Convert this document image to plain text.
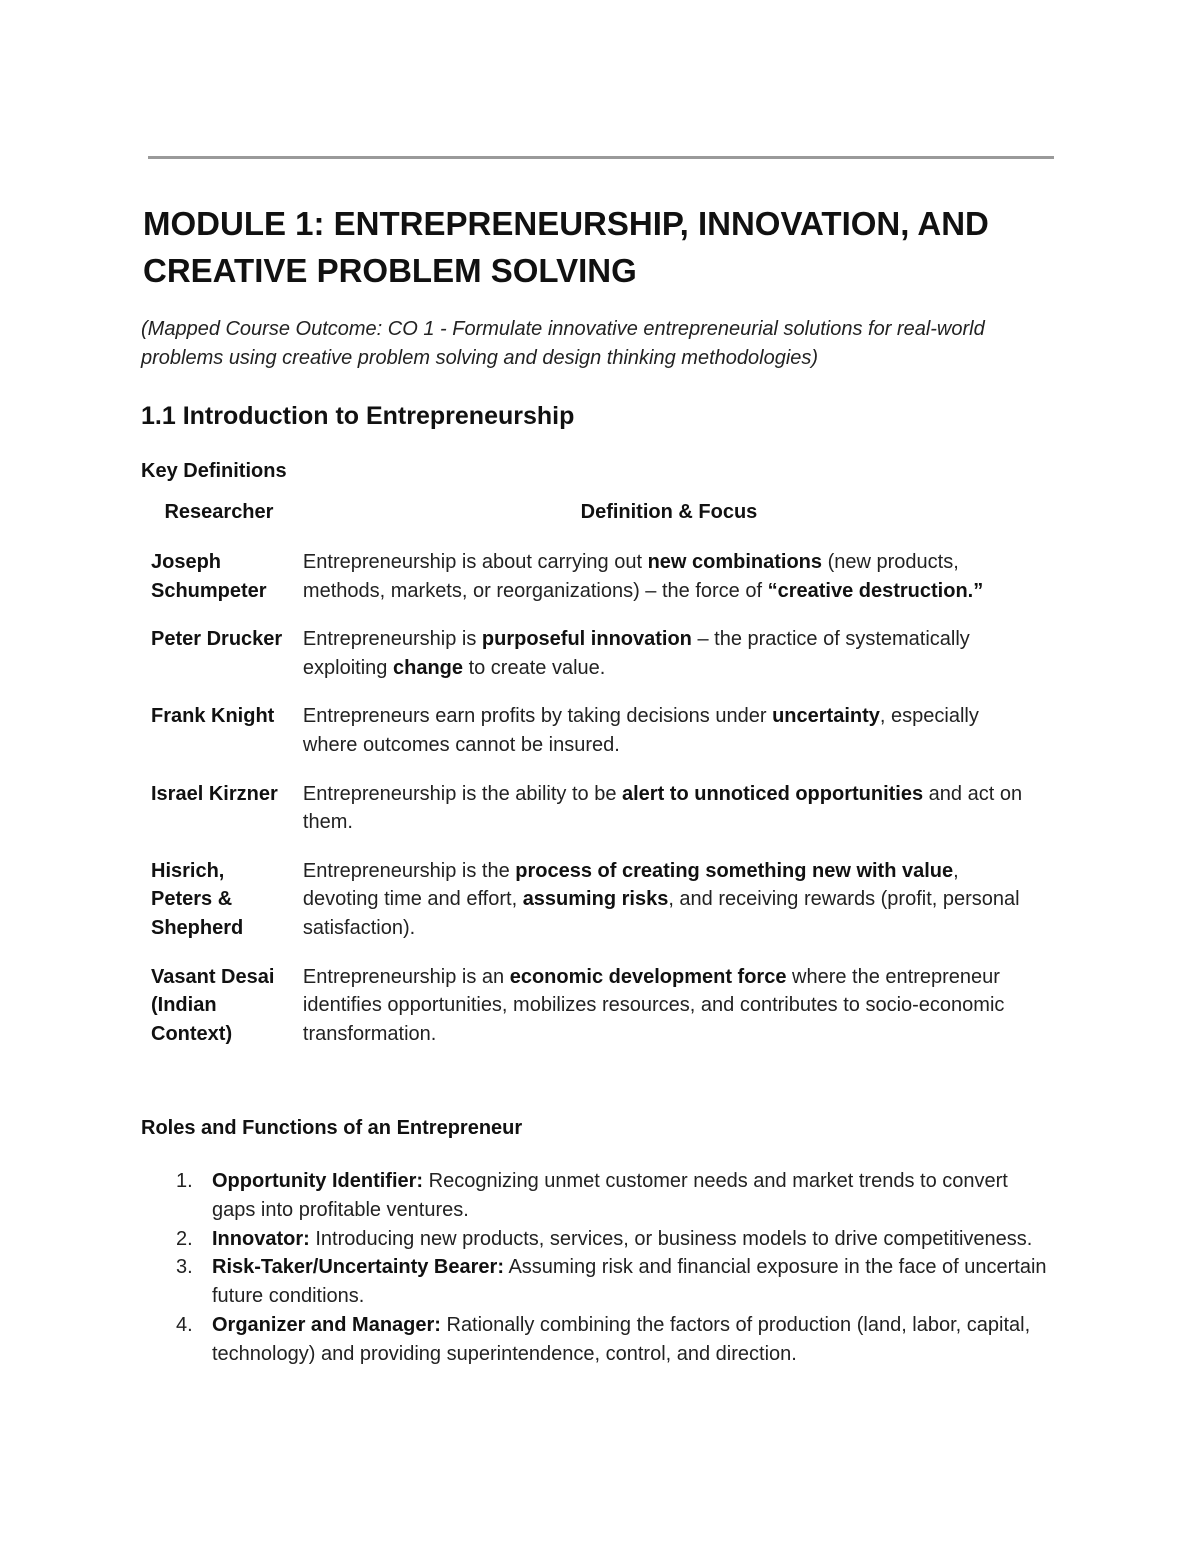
MODULE 1: ENTREPRENEURSHIP, INNOVATION, AND CREATIVE PROBLEM SOLVING

(Mapped Course Outcome: CO 1 - Formulate innovative entrepreneurial solutions for real-world problems using creative problem solving and design thinking methodologies)

1.1 Introduction to Entrepreneurship
Key Definitions
Researcher	Definition & Focus
Joseph Schumpeter	Entrepreneurship is about carrying out new combinations (new products, methods, markets, or reorganizations) – the force of “creative destruction.”
Peter Drucker	Entrepreneurship is purposeful innovation – the practice of systematically exploiting change to create value.
Frank Knight	Entrepreneurs earn profits by taking decisions under uncertainty, especially where outcomes cannot be insured.
Israel Kirzner	Entrepreneurship is the ability to be alert to unnoticed opportunities and act on them.
Hisrich, Peters & Shepherd	Entrepreneurship is the process of creating something new with value, devoting time and effort, assuming risks, and receiving rewards (profit, personal satisfaction).
Vasant Desai (Indian Context)	Entrepreneurship is an economic development force where the entrepreneur identifies opportunities, mobilizes resources, and contributes to socio-economic transformation.
Roles and Functions of an Entrepreneur
1. Opportunity Identifier: Recognizing unmet customer needs and market trends to convert gaps into profitable ventures.
2. Innovator: Introducing new products, services, or business models to drive competitiveness.
3. Risk-Taker/Uncertainty Bearer: Assuming risk and financial exposure in the face of uncertain future conditions.
4. Organizer and Manager: Rationally combining the factors of production (land, labor, capital, technology) and providing superintendence, control, and direction.
